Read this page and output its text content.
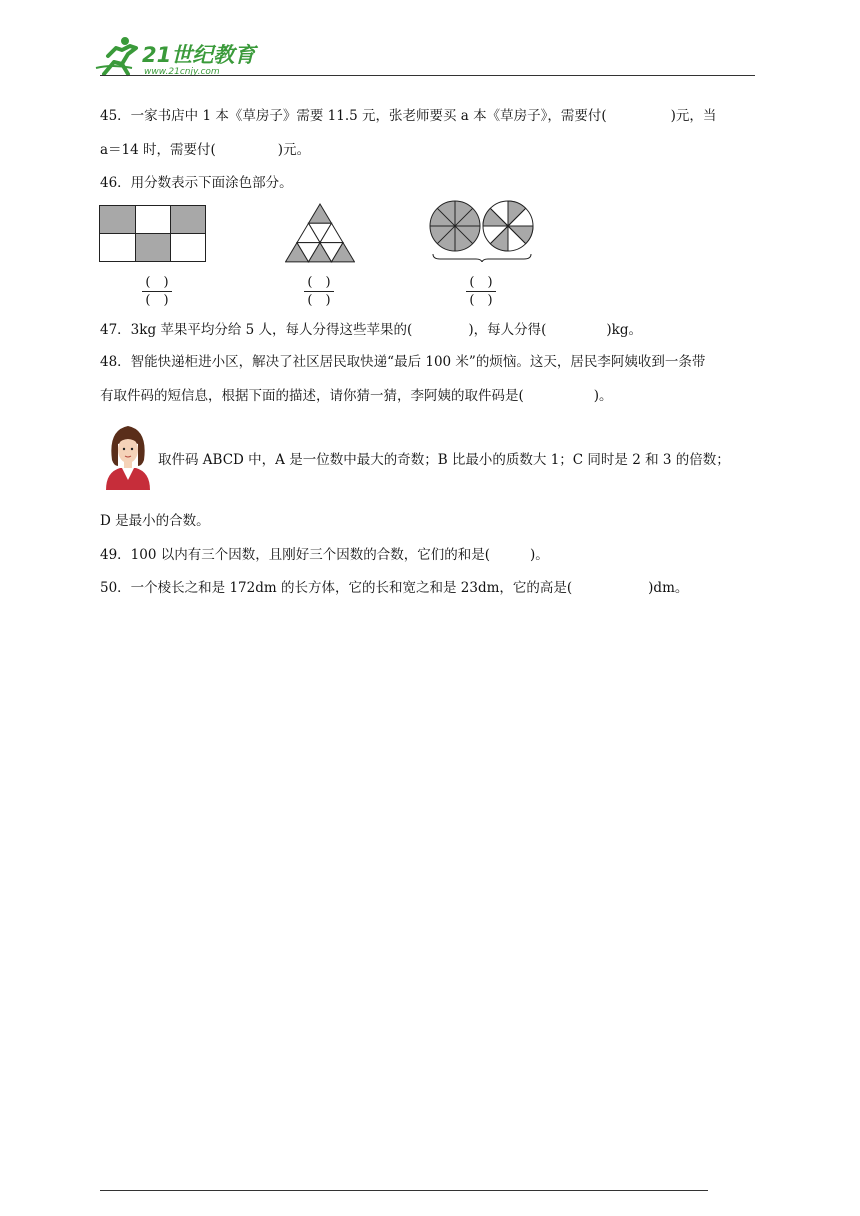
21世纪教育
www.21cnjy.com
45．一家书店中 1 本《草房子》需要 11.5 元，张老师要买 a 本《草房子》，需要付(	)元，当
a＝14 时，需要付(	)元。
46．用分数表示下面涂色部分。
(　)
(　)
(　)
(　)
(　)
(　)
47．3kg 苹果平均分给 5 人，每人分得这些苹果的(	)，每人分得(	)kg。
48．智能快递柜进小区，解决了社区居民取快递“最后 100 米”的烦恼。这天，居民李阿姨收到一条带
有取件码的短信息，根据下面的描述，请你猜一猜，李阿姨的取件码是(	)。
取件码 ABCD 中，A 是一位数中最大的奇数；B 比最小的质数大 1；C 同时是 2 和 3 的倍数；
D 是最小的合数。
49．100 以内有三个因数，且刚好三个因数的合数，它们的和是(	)。
50．一个棱长之和是 172dm 的长方体，它的长和宽之和是 23dm，它的高是(	)dm。
